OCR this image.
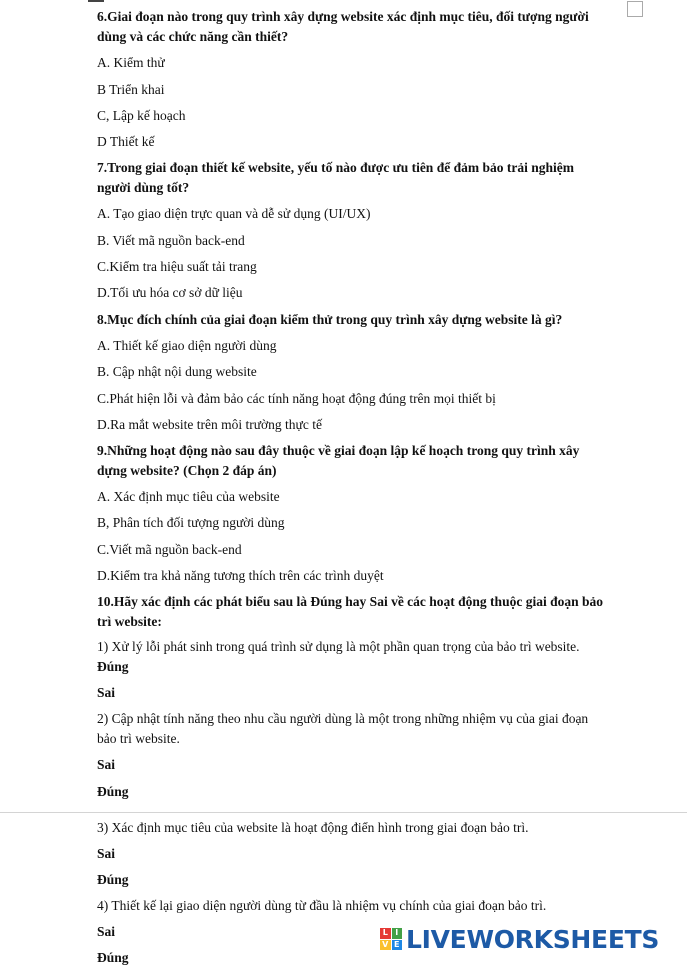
6.Giai đoạn nào trong quy trình xây dựng website xác định mục tiêu, đối tượng người
dùng và các chức năng cần thiết?
A. Kiểm thử
B Triển khai
C, Lập kế hoạch
D Thiết kế
7.Trong giai đoạn thiết kế website, yếu tố nào được ưu tiên để đảm bảo trải nghiệm
người dùng tốt?
A. Tạo giao diện trực quan và dễ sử dụng (UI/UX)
B. Viết mã nguồn back-end
C.Kiểm tra hiệu suất tải trang
D.Tối ưu hóa cơ sở dữ liệu
8.Mục đích chính của giai đoạn kiểm thử trong quy trình xây dựng website là gì?
A. Thiết kế giao diện người dùng
B. Cập nhật nội dung website
C.Phát hiện lỗi và đảm bảo các tính năng hoạt động đúng trên mọi thiết bị
D.Ra mắt website trên môi trường thực tế
9.Những hoạt động nào sau đây thuộc về giai đoạn lập kế hoạch trong quy trình xây
dựng website? (Chọn 2 đáp án)
A. Xác định mục tiêu của website
B, Phân tích đối tượng người dùng
C.Viết mã nguồn back-end
D.Kiểm tra khả năng tương thích trên các trình duyệt
10.Hãy xác định các phát biểu sau là Đúng hay Sai về các hoạt động thuộc giai đoạn bảo
trì website:
1) Xử lý lỗi phát sinh trong quá trình sử dụng là một phần quan trọng của bảo trì website.
Đúng
Sai
2) Cập nhật tính năng theo nhu cầu người dùng là một trong những nhiệm vụ của giai đoạn
bảo trì website.
Sai
Đúng
3) Xác định mục tiêu của website là hoạt động điển hình trong giai đoạn bảo trì.
Sai
Đúng
4) Thiết kế lại giao diện người dùng từ đầu là nhiệm vụ chính của giai đoạn bảo trì.
Sai
Đúng
L I
V E LIVEWORKSHEETS
